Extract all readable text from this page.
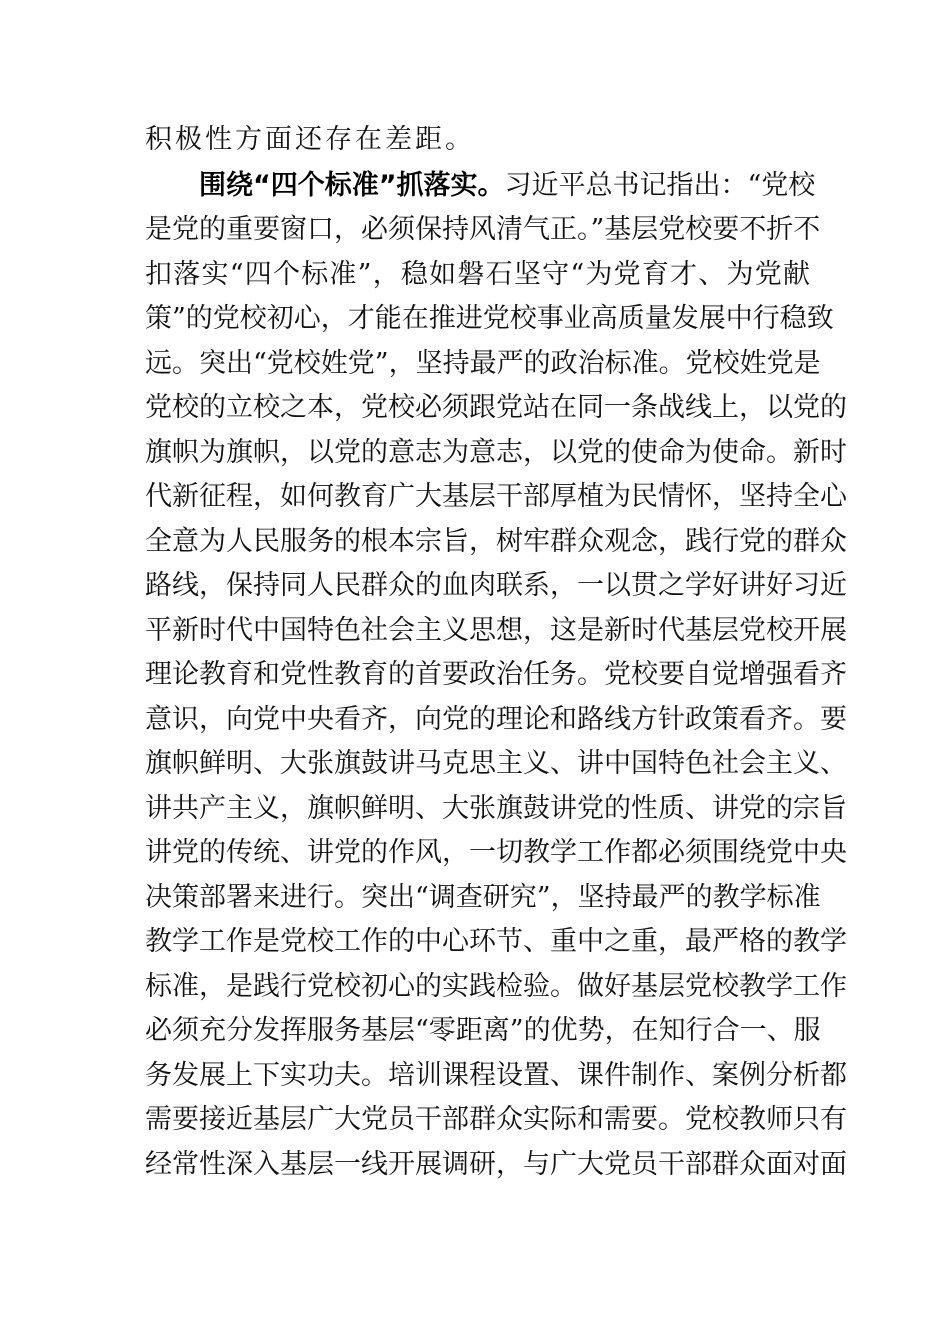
积极性方面还存在差距。
围绕“四个标准”抓落实。习近平总书记指出：“党校
是党的重要窗口，必须保持风清气正。”基层党校要不折不
扣落实“四个标准”，稳如磐石坚守“为党育才、为党献
策”的党校初心，才能在推进党校事业高质量发展中行稳致
远。突出“党校姓党”，坚持最严的政治标准。党校姓党是
党校的立校之本，党校必须跟党站在同一条战线上，以党的
旗帜为旗帜，以党的意志为意志，以党的使命为使命。新时
代新征程，如何教育广大基层干部厚植为民情怀，坚持全心
全意为人民服务的根本宗旨，树牢群众观念，践行党的群众
路线，保持同人民群众的血肉联系，一以贯之学好讲好习近
平新时代中国特色社会主义思想，这是新时代基层党校开展
理论教育和党性教育的首要政治任务。党校要自觉增强看齐
意识，向党中央看齐，向党的理论和路线方针政策看齐。要
旗帜鲜明、大张旗鼓讲马克思主义、讲中国特色社会主义、
讲共产主义，旗帜鲜明、大张旗鼓讲党的性质、讲党的宗旨
讲党的传统、讲党的作风，一切教学工作都必须围绕党中央
决策部署来进行。突出“调查研究”，坚持最严的教学标准
教学工作是党校工作的中心环节、重中之重，最严格的教学
标准，是践行党校初心的实践检验。做好基层党校教学工作
必须充分发挥服务基层“零距离”的优势，在知行合一、服
务发展上下实功夫。培训课程设置、课件制作、案例分析都
需要接近基层广大党员干部群众实际和需要。党校教师只有
经常性深入基层一线开展调研，与广大党员干部群众面对面
